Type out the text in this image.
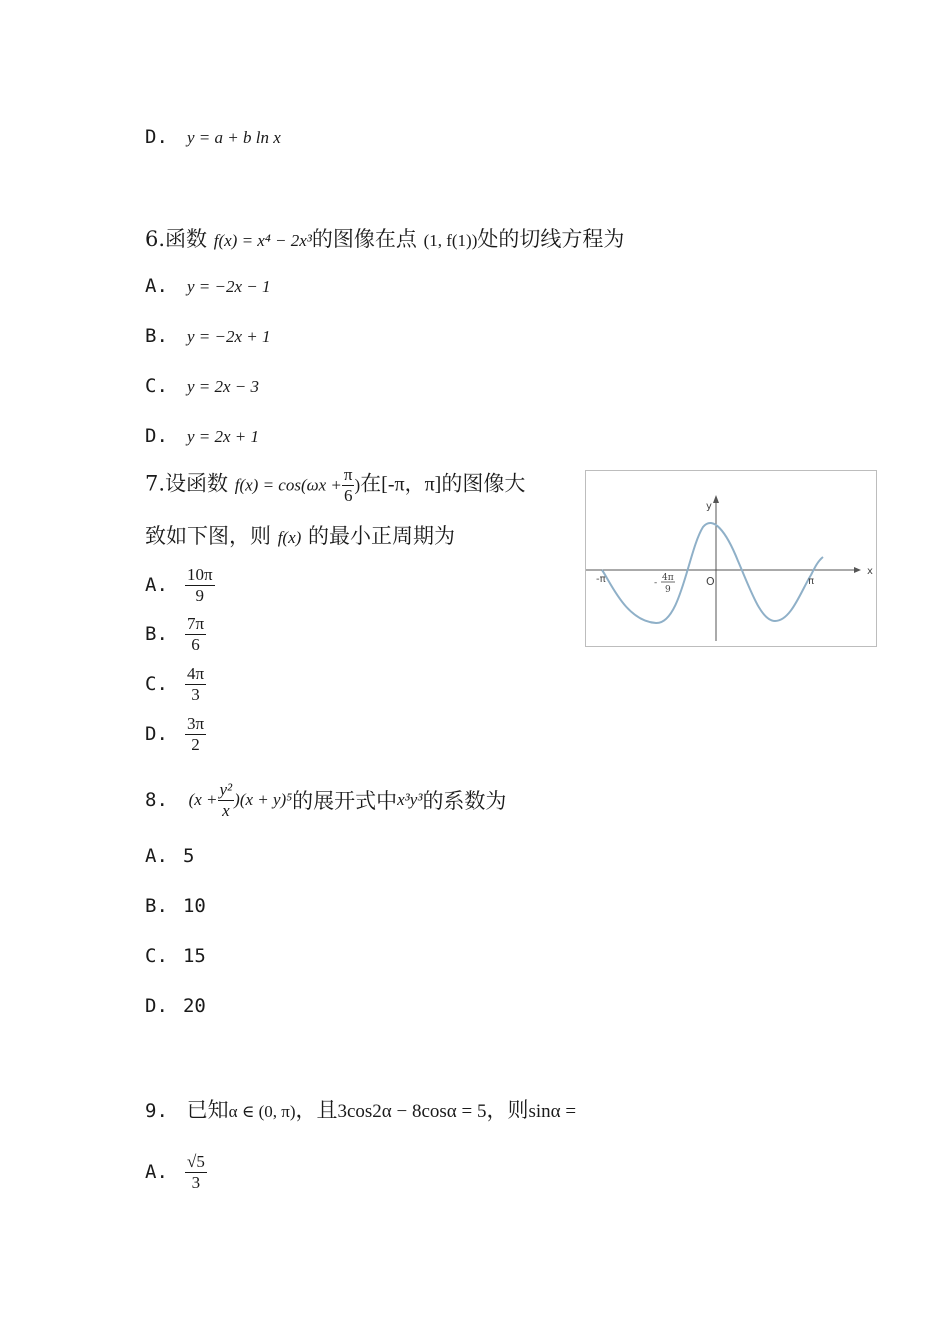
D. y = a + b ln x
6.函数 f(x) = x⁴ − 2x³的图像在点 (1, f(1))处的切线方程为
A. y = −2x − 1
B. y = −2x + 1
C. y = 2x − 3
D. y = 2x + 1
7.设函数 $f(x) = \cos(\omega x + \frac{\pi}{6}$ )在[-π，π]的图像大
致如下图，则 f(x) 的最小正周期为
A. $\frac{10\pi}{9}$
B. $\frac{7\pi}{6}$
C. $\frac{4\pi}{3}$
D. $\frac{3\pi}{2}$
x
y
O
-π	π
4π
-
9
8. $(x + \frac{\text{y²}}{x} )(x + y)^5$的展开式中x³y³的系数为
A. 5
B. 10
C. 15
D. 20
9. 已知α ∈ (0, π)，且3cos2α − 8cosα = 5，则sinα =
A. $\frac{√5}{3}$
